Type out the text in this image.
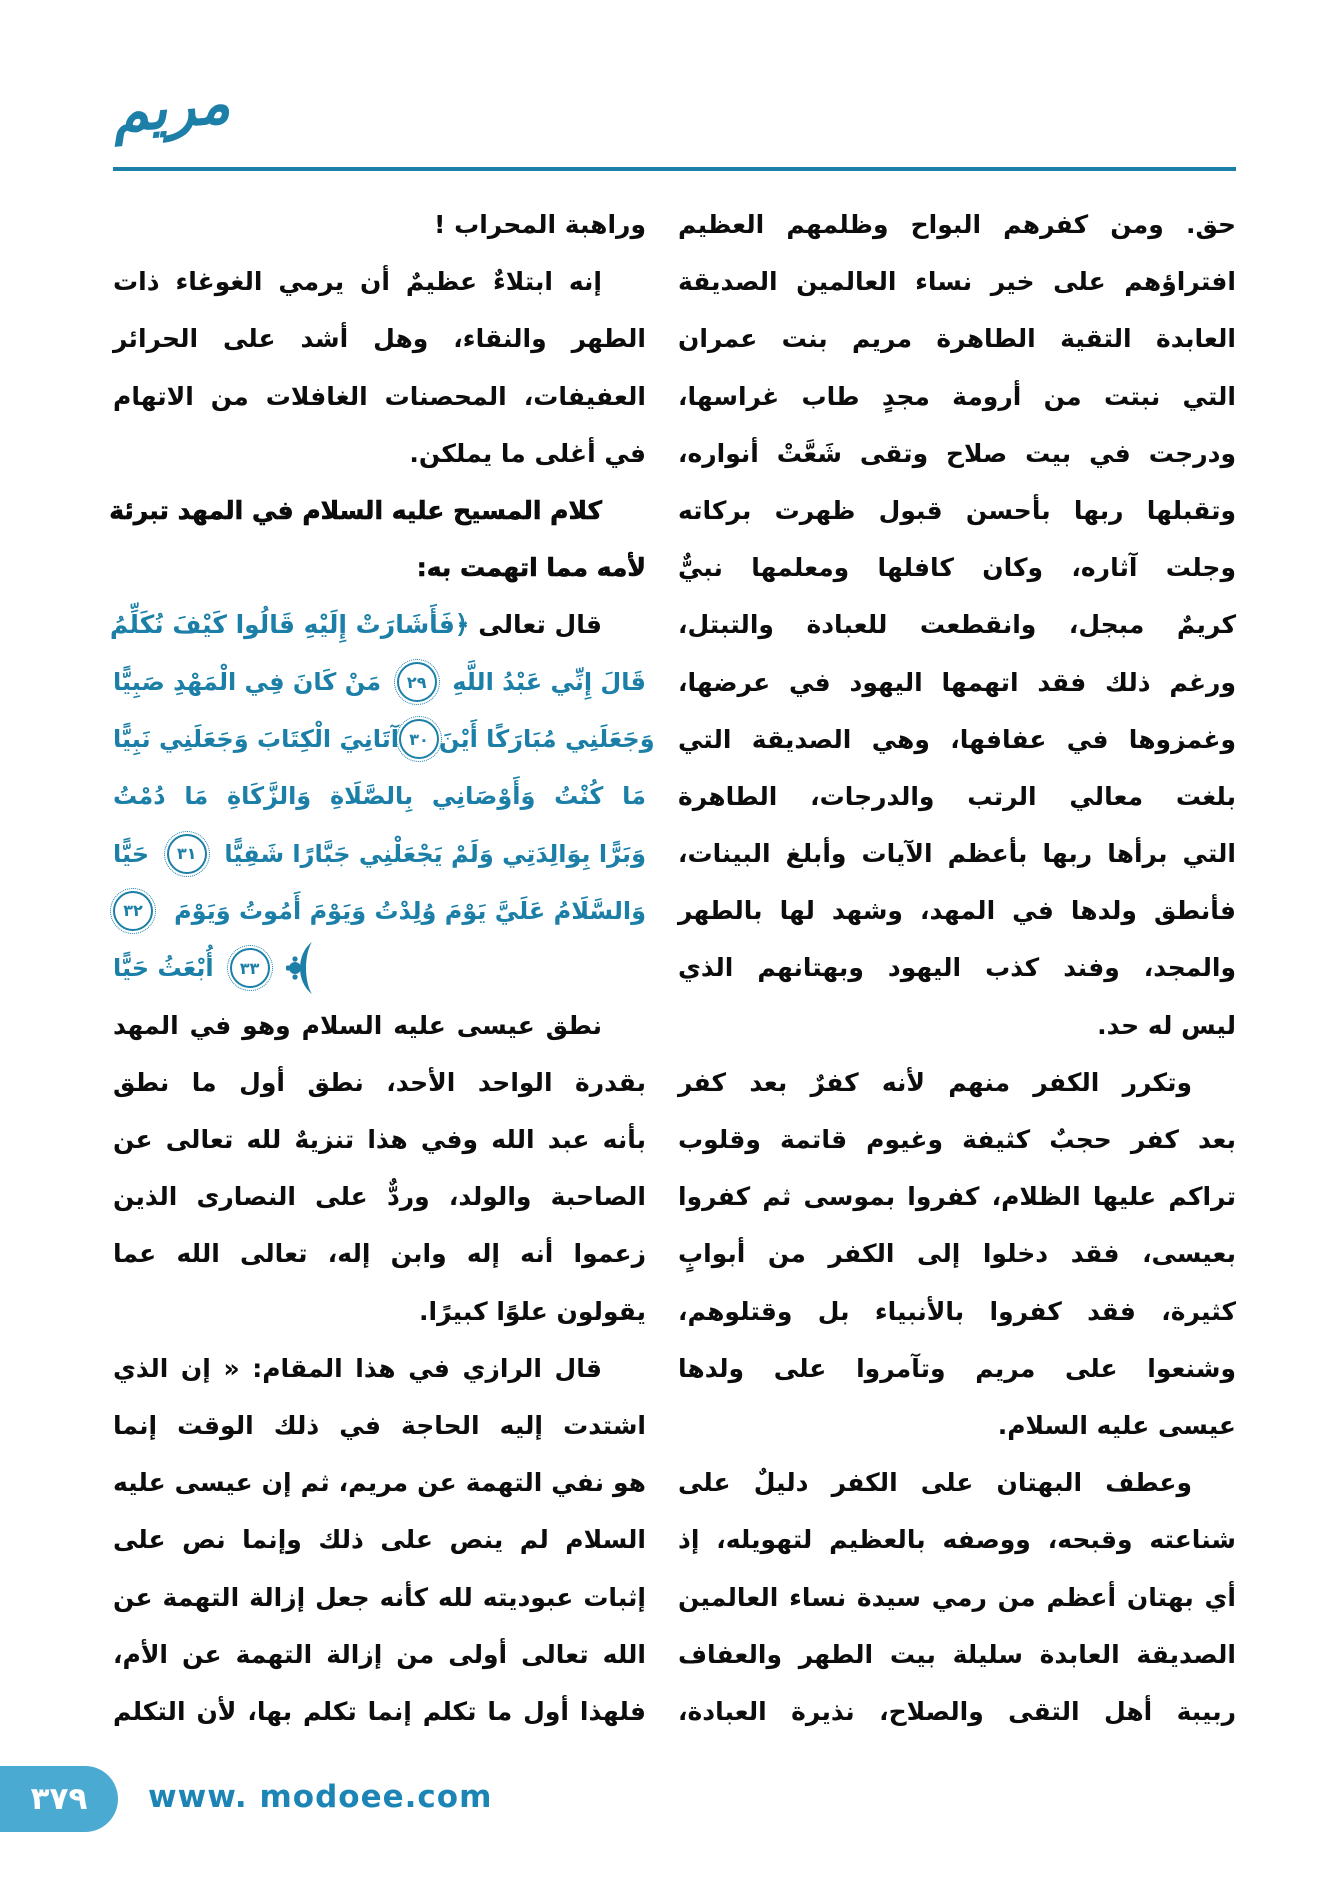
مريم
حق. ومن كفرهم البواح وظلمهم العظيم
افتراؤهم على خير نساء العالمين الصديقة
العابدة التقية الطاهرة مريم بنت عمران
التي نبتت من أرومة مجدٍ طاب غراسها،
ودرجت في بيت صلاح وتقى شَعَّتْ أنواره،
وتقبلها ربها بأحسن قبول ظهرت بركاته
وجلت آثاره، وكان كافلها ومعلمها نبيٌّ
كريمٌ مبجل، وانقطعت للعبادة والتبتل،
ورغم ذلك فقد اتهمها اليهود في عرضها،
وغمزوها في عفافها، وهي الصديقة التي
بلغت معالي الرتب والدرجات، الطاهرة
التي برأها ربها بأعظم الآيات وأبلغ البينات،
فأنطق ولدها في المهد، وشهد لها بالطهر
والمجد، وفند كذب اليهود وبهتانهم الذي
ليس له حد.
وتكرر الكفر منهم لأنه كفرٌ بعد كفر
بعد كفر حجبٌ كثيفة وغيوم قاتمة وقلوب
تراكم عليها الظلام، كفروا بموسى ثم كفروا
بعيسى، فقد دخلوا إلى الكفر من أبوابٍ
كثيرة، فقد كفروا بالأنبياء بل وقتلوهم،
وشنعوا على مريم وتآمروا على ولدها
عيسى عليه السلام.
وعطف البهتان على الكفر دليلٌ على
شناعته وقبحه، ووصفه بالعظيم لتهويله، إذ
أي بهتان أعظم من رمي سيدة نساء العالمين
الصديقة العابدة سليلة بيت الطهر والعفاف
ربيبة أهل التقى والصلاح، نذيرة العبادة،
وراهبة المحراب !
إنه ابتلاءٌ عظيمٌ أن يرمي الغوغاء ذات
الطهر والنقاء، وهل أشد على الحرائر
العفيفات، المحصنات الغافلات من الاتهام
في أغلى ما يملكن.
كلام المسيح عليه السلام في المهد تبرئة
لأمه مما اتهمت به:
قال تعالى ﴿فَأَشَارَتْ إِلَيْهِ قَالُوا كَيْفَ نُكَلِّمُ
مَنْ كَانَ فِي الْمَهْدِ صَبِيًّا	٢٩	قَالَ إِنِّي عَبْدُ اللَّهِ
آتَانِيَ الْكِتَابَ وَجَعَلَنِي نَبِيًّا ٣٠ وَجَعَلَنِي مُبَارَكًا أَيْنَ
مَا كُنْتُ وَأَوْصَانِي بِالصَّلَاةِ وَالزَّكَاةِ مَا دُمْتُ
حَيًّا	٣١	وَبَرًّا بِوَالِدَتِي وَلَمْ يَجْعَلْنِي جَبَّارًا شَقِيًّا
٣٢	وَالسَّلَامُ عَلَيَّ يَوْمَ وُلِدْتُ وَيَوْمَ أَمُوتُ وَيَوْمَ
أُبْعَثُ حَيًّا	٣٣
نطق عيسى عليه السلام وهو في المهد
بقدرة الواحد الأحد، نطق أول ما نطق
بأنه عبد الله وفي هذا تنزيهٌ لله تعالى عن
الصاحبة والولد، وردٌّ على النصارى الذين
زعموا أنه إله وابن إله، تعالى الله عما
يقولون علوًا كبيرًا.
قال الرازي في هذا المقام: « إن الذي
اشتدت إليه الحاجة في ذلك الوقت إنما
هو نفي التهمة عن مريم، ثم إن عيسى عليه
السلام لم ينص على ذلك وإنما نص على
إثبات عبوديته لله كأنه جعل إزالة التهمة عن
الله تعالى أولى من إزالة التهمة عن الأم،
فلهذا أول ما تكلم إنما تكلم بها، لأن التكلم
٣٧٩ www. modoee.com
